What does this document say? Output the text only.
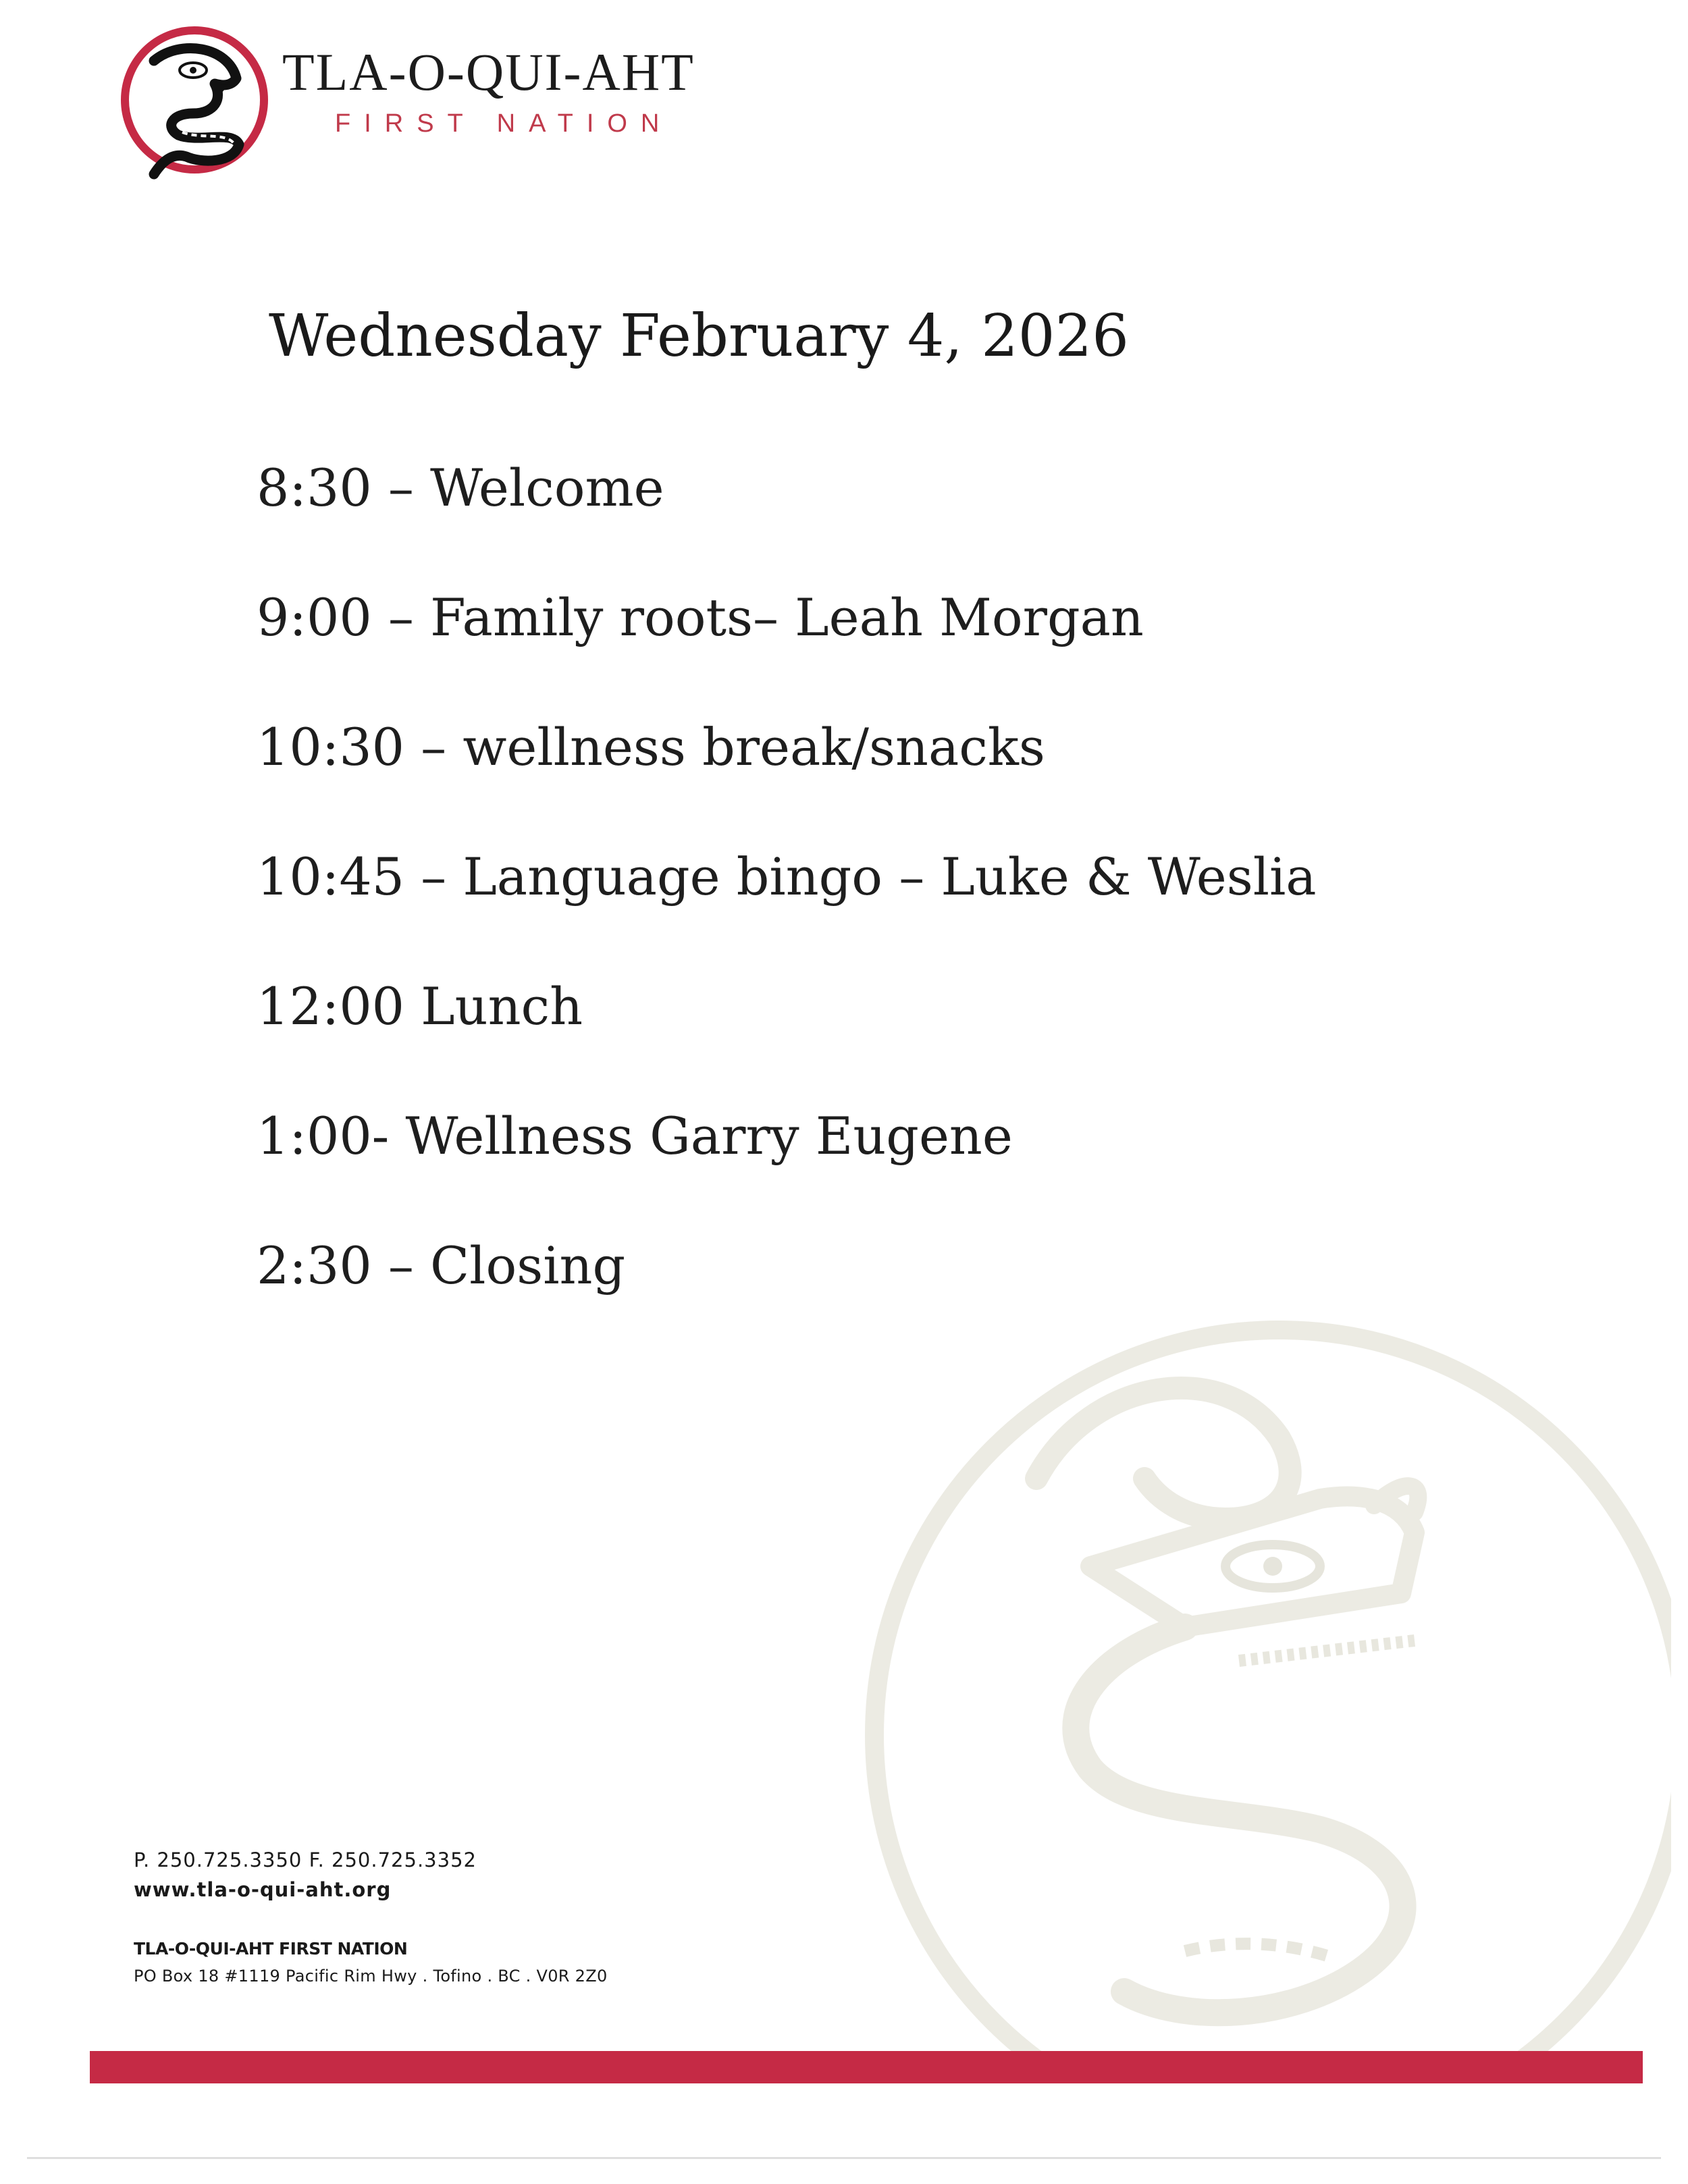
TLA-O-QUI-AHT
FIRST NATION
Wednesday February 4, 2026
8:30 – Welcome
9:00 – Family roots– Leah Morgan
10:30 – wellness break/snacks
10:45 – Language bingo – Luke & Weslia
12:00 Lunch
1:00- Wellness Garry Eugene
2:30 – Closing
P. 250.725.3350 F. 250.725.3352
www.tla-o-qui-aht.org
TLA-O-QUI-AHT FIRST NATION
PO Box 18 #1119 Pacific Rim Hwy . Tofino . BC . V0R 2Z0
